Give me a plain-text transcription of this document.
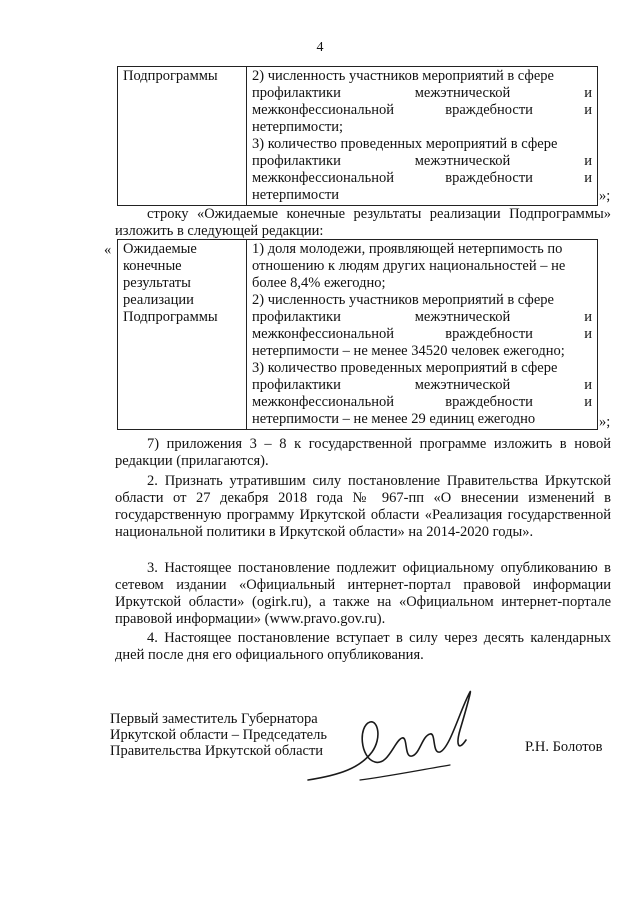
4
Подпрограммы	2) численность участников мероприятий в сфере
профилактики	межэтнической	и
межконфессиональной	враждебности	и
нетерпимости;
3) количество проведенных мероприятий в сфере
профилактики	межэтнической	и
межконфессиональной	враждебности	и
нетерпимости	»;
строку «Ожидаемые конечные результаты реализации Подпрограммы» изложить в следующей редакции:
« Ожидаемые
конечные
результаты
реализации
Подпрограммы

1) доля молодежи, проявляющей нетерпимость по
отношению к людям других национальностей – не
более 8,4% ежегодно;
2) численность участников мероприятий в сфере
профилактики	межэтнической	и
межконфессиональной	враждебности	и
нетерпимости – не менее 34520 человек ежегодно;
3) количество проведенных мероприятий в сфере
профилактики	межэтнической	и
межконфессиональной	враждебности	и
нетерпимости – не менее 29 единиц ежегодно	»;
7) приложения 3 – 8 к государственной программе изложить в новой редакции (прилагаются).
2. Признать утратившим силу постановление Правительства Иркутской области от 27 декабря 2018 года № 967-пп «О внесении изменений в государственную программу Иркутской области «Реализация государственной национальной политики в Иркутской области» на 2014-2020 годы».
3. Настоящее постановление подлежит официальному опубликованию в сетевом издании «Официальный интернет-портал правовой информации Иркутской области» (ogirk.ru), а также на «Официальном интернет-портале правовой информации» (www.pravo.gov.ru).
4. Настоящее постановление вступает в силу через десять календарных дней после дня его официального опубликования.
Первый заместитель Губернатора
Иркутской области – Председатель
Правительства Иркутской области	Р.Н. Болотов
